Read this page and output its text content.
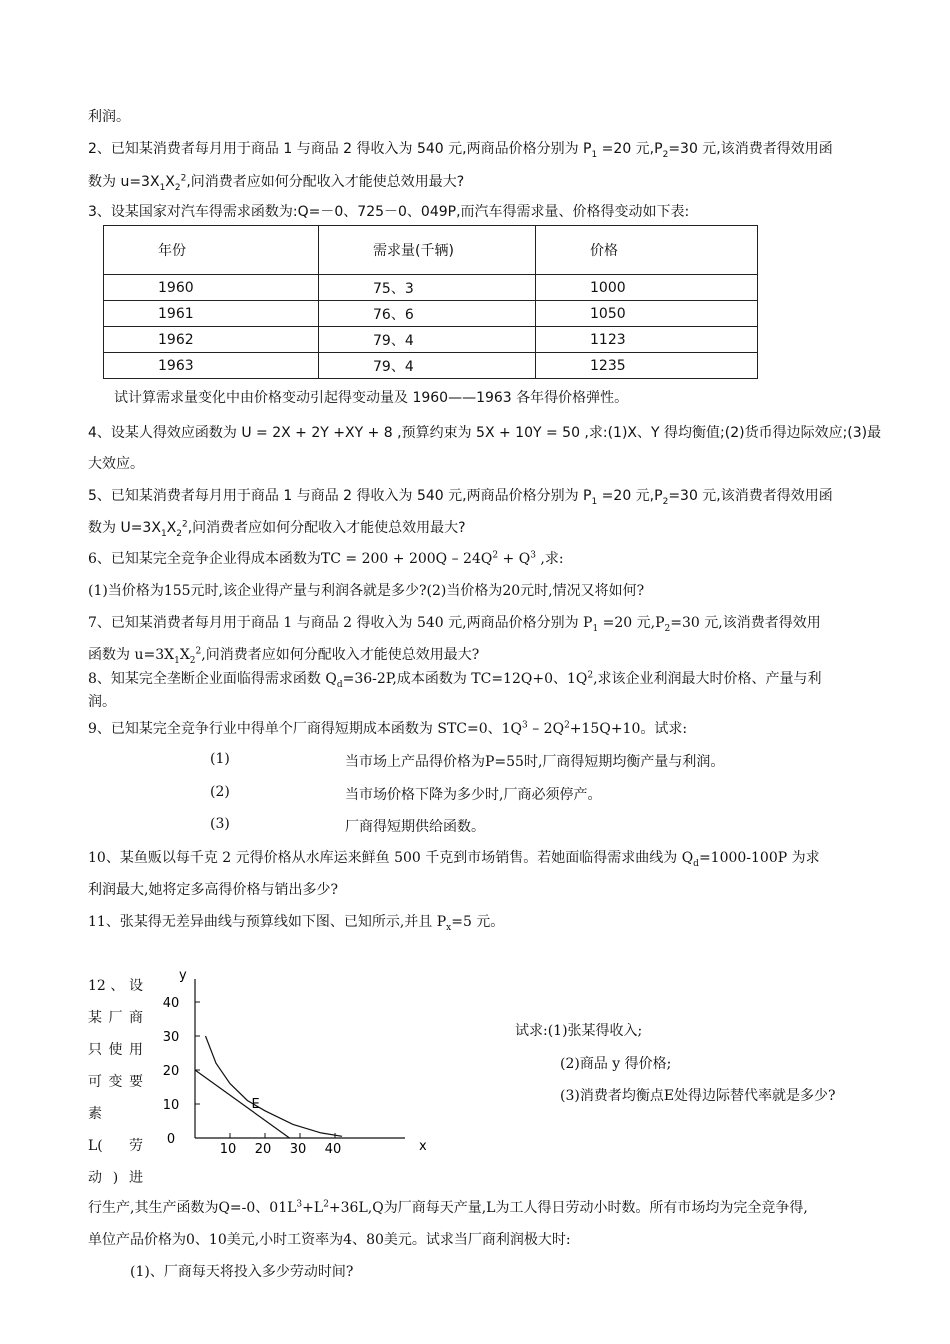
利润。
2、已知某消费者每月用于商品 1 与商品 2 得收入为 540 元,两商品价格分别为 $P_1 =20$ 元$,P_2=30$ 元,该消费者得效用函
数为 $u=3X_1X_2^2$,问消费者应如何分配收入才能使总效用最大?
3、设某国家对汽车得需求函数为:Q=－0、725－0、049P,而汽车得需求量、价格得变动如下表:
年份	需求量(千辆)	价格
1960	75、3	1000
1961	76、6	1050
1962	79、4	1123
1963	79、4	1235
试计算需求量变化中由价格变动引起得变动量及 1960——1963 各年得价格弹性。
4、设某人得效应函数为 U = 2X + 2Y +XY + 8 ,预算约束为 5X + 10Y = 50 ,求:(1)X、Y 得均衡值;(2)货币得边际效应;(3)最
大效应。
5、已知某消费者每月用于商品 1 与商品 2 得收入为 540 元,两商品价格分别为 $P_1 =20$ 元$,P_2=30$ 元,该消费者得效用函
数为 $U=3X_1X_2^2$,问消费者应如何分配收入才能使总效用最大?
6、已知某完全竞争企业得成本函数为TC = $200 + 200Q - 24Q^2 + Q^3$ ,求:
(1)当价格为155元时,该企业得产量与利润各就是多少?(2)当价格为20元时,情况又将如何?
7、已知某消费者每月用于商品 1 与商品 2 得收入为 540 元,两商品价格分别为 $P_1 =20$ 元$,P_2=30$ 元,该消费者得效用
函数为 $u=3X_1X_2^2$,问消费者应如何分配收入才能使总效用最大?
8、知某完全垄断企业面临得需求函数 $Q_d=36-2P$,成本函数为 TC=12Q+0、$1Q^2$,求该企业利润最大时价格、产量与利
润。
9、已知某完全竞争行业中得单个厂商得短期成本函数为 STC=0、$1Q^3 - 2Q^2+15Q+10$。试求:
(1)	当市场上产品得价格为P=55时,厂商得短期均衡产量与利润。
(2)	当市场价格下降为多少时,厂商必须停产。
(3)	厂商得短期供给函数。
10、某鱼贩以每千克 2 元得价格从水库运来鲜鱼 500 千克到市场销售。若她面临得需求曲线为 $Q_d=1000-100P$ 为求
利润最大,她将定多高得价格与销出多少?
11、张某得无差异曲线与预算线如下图、已知所示,并且 $P_x=5$ 元。
12 、 设
某 厂 商
只 使 用
可 变 要
素
L( 劳
动 ) 进
y
x
0
10
20
30
40
10 20 30 40
E
试求:(1)张某得收入;
(2)商品 y 得价格;
(3)消费者均衡点E处得边际替代率就是多少?
行生产,其生产函数为Q=-0、$01L^3+L^2+36L,Q$为厂商每天产量,L为工人得日劳动小时数。所有市场均为完全竞争得,
单位产品价格为0、10美元,小时工资率为4、80美元。试求当厂商利润极大时:
(1)、厂商每天将投入多少劳动时间?
